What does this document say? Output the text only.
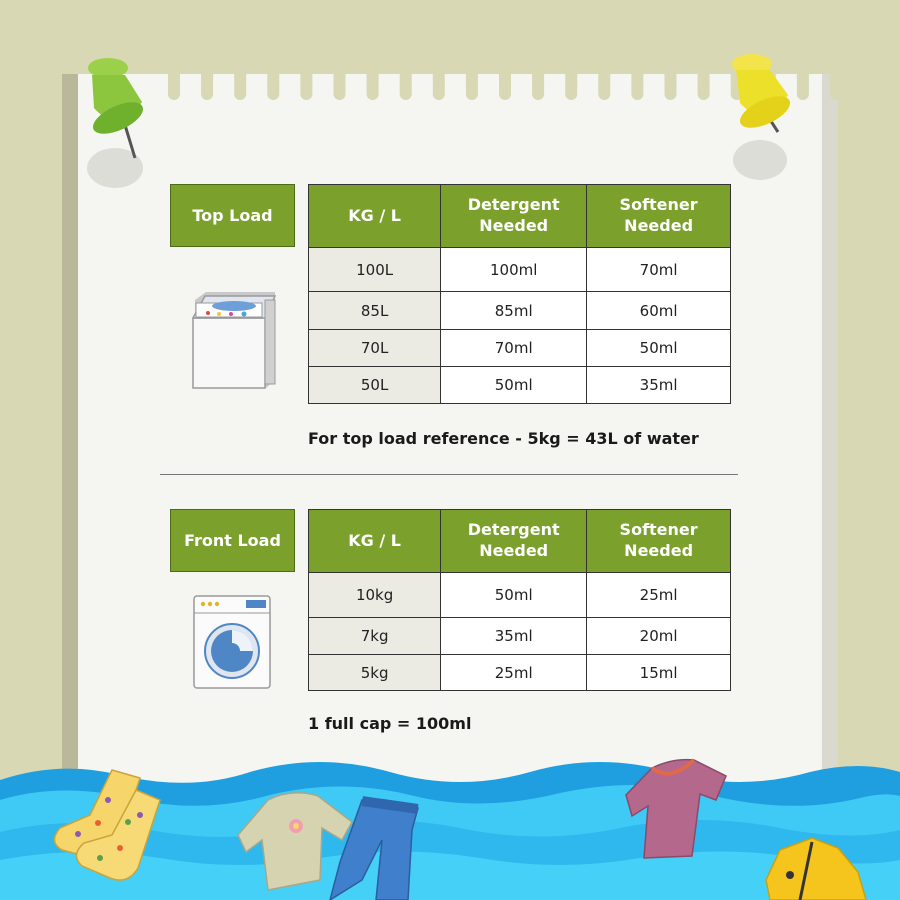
Top Load	KG / L	Detergent Needed	Softener Needed
100L	100ml	70ml
85L	85ml	60ml
70L	70ml	50ml
50L	50ml	35ml
For top load reference - 5kg = 43L of water
Front Load	KG / L	Detergent Needed	Softener Needed
10kg	50ml	25ml
7kg	35ml	20ml
5kg	25ml	15ml
1 full cap = 100ml
